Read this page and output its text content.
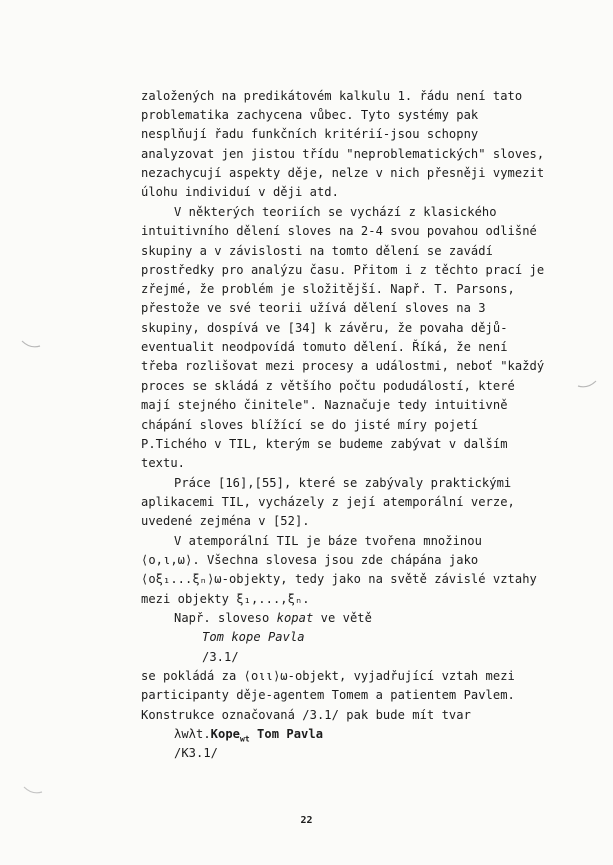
založených na predikátovém kalkulu 1. řádu není tato
problematika zachycena vůbec. Tyto systémy pak
nesplňují řadu funkčních kritérií-jsou schopny
analyzovat jen jistou třídu "neproblematických" sloves,
nezachycují aspekty děje, nelze v nich přesněji vymezit
úlohu individuí v ději atd.
V některých teoriích se vychází z klasického
intuitivního dělení sloves na 2-4 svou povahou odlišné
skupiny a v závislosti na tomto dělení se zavádí
prostředky pro analýzu času. Přitom i z těchto prací je
zřejmé, že problém je složitější. Např. T. Parsons,
přestože ve své teorii užívá dělení sloves na 3
skupiny, dospívá ve [34] k závěru, že povaha dějů-
eventualit neodpovídá tomuto dělení. Říká, že není
třeba rozlišovat mezi procesy a událostmi, neboť "každý
proces se skládá z většího počtu podudálostí, které
mají stejného činitele". Naznačuje tedy intuitivně
chápání sloves blížící se do jisté míry pojetí
P.Tichého v TIL, kterým se budeme zabývat v dalším
textu.
Práce [16],[55], které se zabývaly praktickými
aplikacemi TIL, vycházely z její atemporální verze,
uvedené zejména v [52].
V atemporální TIL je báze tvořena množinou
⟨ο,ι,ω⟩. Všechna slovesa jsou zde chápána jako
⟨οξ₁...ξₙ⟩ω-objekty, tedy jako na světě závislé vztahy
mezi objekty ξ₁,...,ξₙ.
Např. sloveso kopat ve větě
Tom kope Pavla
/3.1/
se pokládá za ⟨οιι⟩ω-objekt, vyjadřující vztah mezi
participanty děje-agentem Tomem a patientem Pavlem.
Konstrukce označovaná /3.1/ pak bude mít tvar
λwλt.Kope$_{wt}$ Tom Pavla
/K3.1/
22
